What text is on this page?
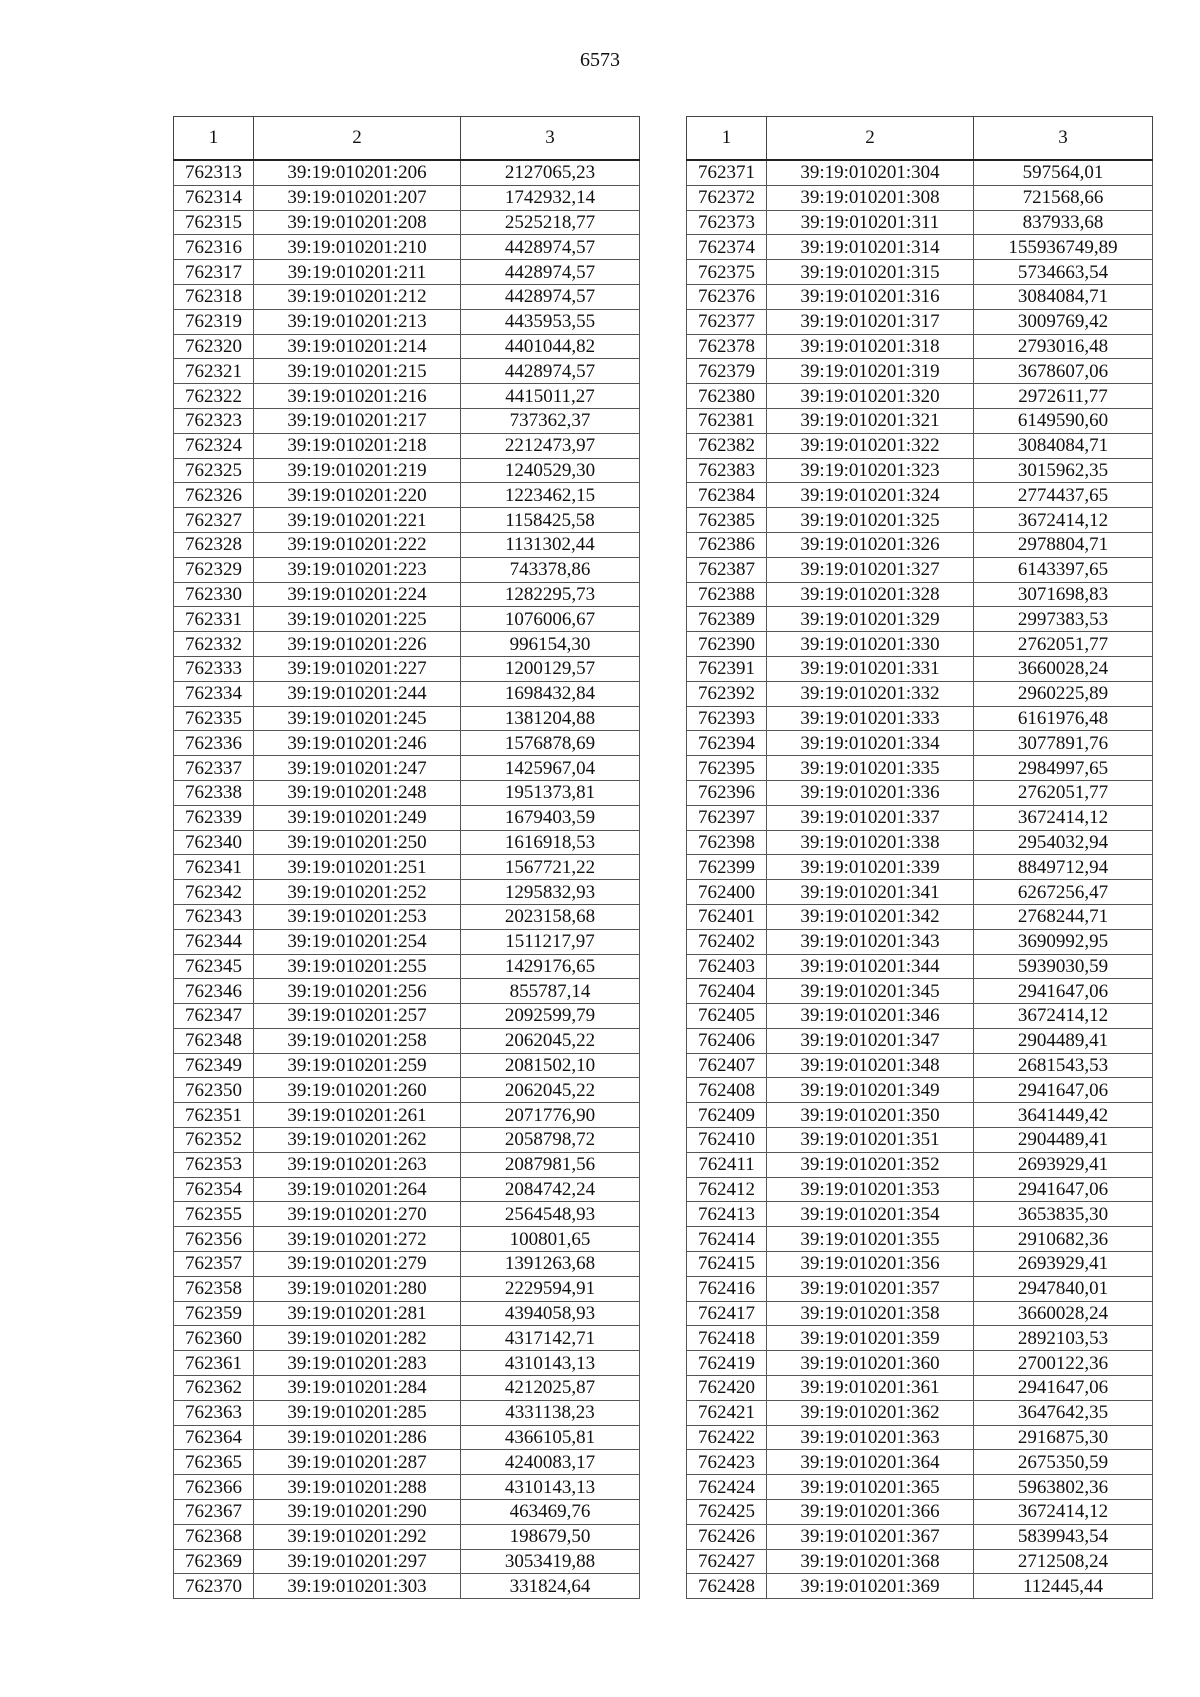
6573
1	2	3
762313	39:19:010201:206	2127065,23
762314	39:19:010201:207	1742932,14
762315	39:19:010201:208	2525218,77
762316	39:19:010201:210	4428974,57
762317	39:19:010201:211	4428974,57
762318	39:19:010201:212	4428974,57
762319	39:19:010201:213	4435953,55
762320	39:19:010201:214	4401044,82
762321	39:19:010201:215	4428974,57
762322	39:19:010201:216	4415011,27
762323	39:19:010201:217	737362,37
762324	39:19:010201:218	2212473,97
762325	39:19:010201:219	1240529,30
762326	39:19:010201:220	1223462,15
762327	39:19:010201:221	1158425,58
762328	39:19:010201:222	1131302,44
762329	39:19:010201:223	743378,86
762330	39:19:010201:224	1282295,73
762331	39:19:010201:225	1076006,67
762332	39:19:010201:226	996154,30
762333	39:19:010201:227	1200129,57
762334	39:19:010201:244	1698432,84
762335	39:19:010201:245	1381204,88
762336	39:19:010201:246	1576878,69
762337	39:19:010201:247	1425967,04
762338	39:19:010201:248	1951373,81
762339	39:19:010201:249	1679403,59
762340	39:19:010201:250	1616918,53
762341	39:19:010201:251	1567721,22
762342	39:19:010201:252	1295832,93
762343	39:19:010201:253	2023158,68
762344	39:19:010201:254	1511217,97
762345	39:19:010201:255	1429176,65
762346	39:19:010201:256	855787,14
762347	39:19:010201:257	2092599,79
762348	39:19:010201:258	2062045,22
762349	39:19:010201:259	2081502,10
762350	39:19:010201:260	2062045,22
762351	39:19:010201:261	2071776,90
762352	39:19:010201:262	2058798,72
762353	39:19:010201:263	2087981,56
762354	39:19:010201:264	2084742,24
762355	39:19:010201:270	2564548,93
762356	39:19:010201:272	100801,65
762357	39:19:010201:279	1391263,68
762358	39:19:010201:280	2229594,91
762359	39:19:010201:281	4394058,93
762360	39:19:010201:282	4317142,71
762361	39:19:010201:283	4310143,13
762362	39:19:010201:284	4212025,87
762363	39:19:010201:285	4331138,23
762364	39:19:010201:286	4366105,81
762365	39:19:010201:287	4240083,17
762366	39:19:010201:288	4310143,13
762367	39:19:010201:290	463469,76
762368	39:19:010201:292	198679,50
762369	39:19:010201:297	3053419,88
762370	39:19:010201:303	331824,64
1	2	3
762371	39:19:010201:304	597564,01
762372	39:19:010201:308	721568,66
762373	39:19:010201:311	837933,68
762374	39:19:010201:314	155936749,89
762375	39:19:010201:315	5734663,54
762376	39:19:010201:316	3084084,71
762377	39:19:010201:317	3009769,42
762378	39:19:010201:318	2793016,48
762379	39:19:010201:319	3678607,06
762380	39:19:010201:320	2972611,77
762381	39:19:010201:321	6149590,60
762382	39:19:010201:322	3084084,71
762383	39:19:010201:323	3015962,35
762384	39:19:010201:324	2774437,65
762385	39:19:010201:325	3672414,12
762386	39:19:010201:326	2978804,71
762387	39:19:010201:327	6143397,65
762388	39:19:010201:328	3071698,83
762389	39:19:010201:329	2997383,53
762390	39:19:010201:330	2762051,77
762391	39:19:010201:331	3660028,24
762392	39:19:010201:332	2960225,89
762393	39:19:010201:333	6161976,48
762394	39:19:010201:334	3077891,76
762395	39:19:010201:335	2984997,65
762396	39:19:010201:336	2762051,77
762397	39:19:010201:337	3672414,12
762398	39:19:010201:338	2954032,94
762399	39:19:010201:339	8849712,94
762400	39:19:010201:341	6267256,47
762401	39:19:010201:342	2768244,71
762402	39:19:010201:343	3690992,95
762403	39:19:010201:344	5939030,59
762404	39:19:010201:345	2941647,06
762405	39:19:010201:346	3672414,12
762406	39:19:010201:347	2904489,41
762407	39:19:010201:348	2681543,53
762408	39:19:010201:349	2941647,06
762409	39:19:010201:350	3641449,42
762410	39:19:010201:351	2904489,41
762411	39:19:010201:352	2693929,41
762412	39:19:010201:353	2941647,06
762413	39:19:010201:354	3653835,30
762414	39:19:010201:355	2910682,36
762415	39:19:010201:356	2693929,41
762416	39:19:010201:357	2947840,01
762417	39:19:010201:358	3660028,24
762418	39:19:010201:359	2892103,53
762419	39:19:010201:360	2700122,36
762420	39:19:010201:361	2941647,06
762421	39:19:010201:362	3647642,35
762422	39:19:010201:363	2916875,30
762423	39:19:010201:364	2675350,59
762424	39:19:010201:365	5963802,36
762425	39:19:010201:366	3672414,12
762426	39:19:010201:367	5839943,54
762427	39:19:010201:368	2712508,24
762428	39:19:010201:369	112445,44
